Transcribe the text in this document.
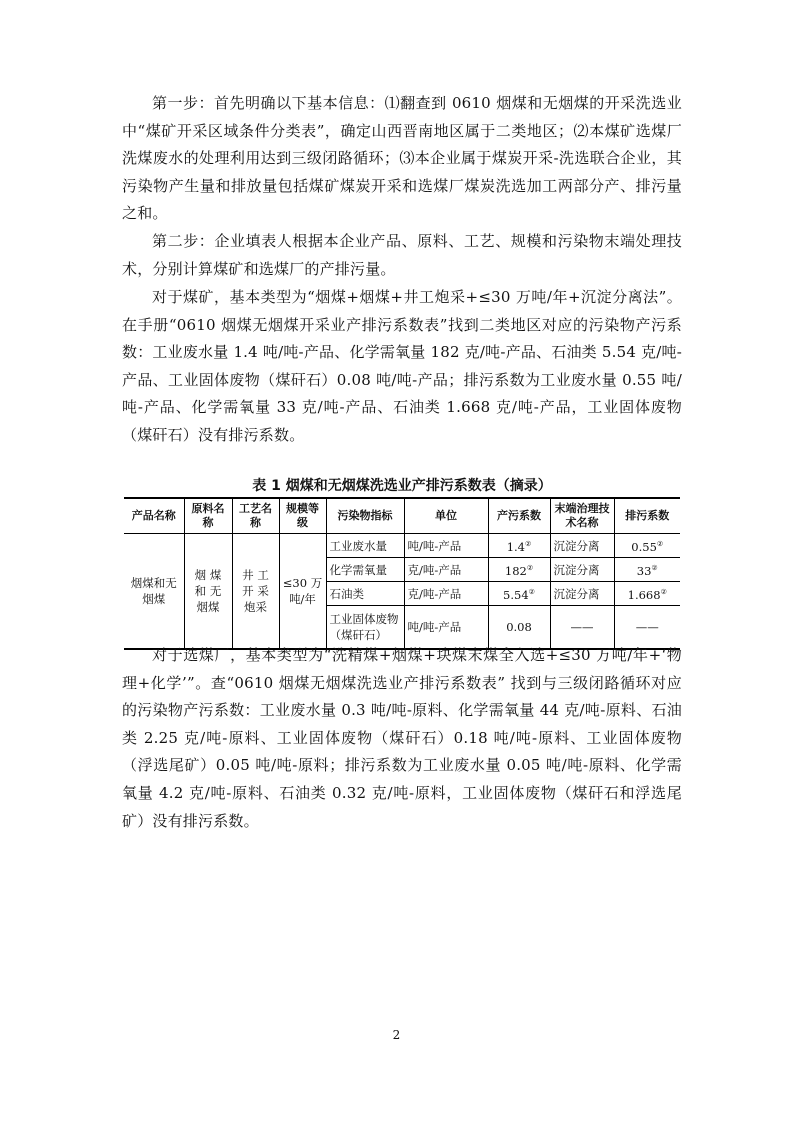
第一步：首先明确以下基本信息：⑴翻查到 0610 烟煤和无烟煤的开采洗选业中“煤矿开采区域条件分类表”，确定山西晋南地区属于二类地区；⑵本煤矿选煤厂洗煤废水的处理利用达到三级闭路循环；⑶本企业属于煤炭开采-洗选联合企业，其污染物产生量和排放量包括煤矿煤炭开采和选煤厂煤炭洗选加工两部分产、排污量之和。

第二步：企业填表人根据本企业产品、原料、工艺、规模和污染物末端处理技术，分别计算煤矿和选煤厂的产排污量。

对于煤矿，基本类型为“烟煤+烟煤+井工炮采+≤30 万吨/年+沉淀分离法”。在手册“0610 烟煤无烟煤开采业产排污系数表”找到二类地区对应的污染物产污系数：工业废水量 1.4 吨/吨-产品、化学需氧量 182 克/吨-产品、石油类 5.54 克/吨-产品、工业固体废物（煤矸石）0.08 吨/吨-产品；排污系数为工业废水量 0.55 吨/吨-产品、化学需氧量 33 克/吨-产品、石油类 1.668 克/吨-产品，工业固体废物（煤矸石）没有排污系数。

表 1 烟煤和无烟煤洗选业产排污系数表（摘录）
产品名称	原料名称	工艺名称	规模等级	污染物指标	单位	产污系数	末端治理技术名称	排污系数
烟煤和无烟煤	烟 煤 和 无 烟煤	井 工 开 采 炮采	≤30 万吨/年	工业废水量	吨/吨-产品	1.4②	沉淀分离	0.55②
				化学需氧量	克/吨-产品	182②	沉淀分离	33②
				石油类	克/吨-产品	5.54②	沉淀分离	1.668②
				工业固体废物（煤矸石）	吨/吨-产品	0.08	——	——

对于选煤厂，基本类型为“洗精煤+烟煤+块煤末煤全入选+≤30 万吨/年+‘物理+化学’”。查“0610 烟煤无烟煤洗选业产排污系数表” 找到与三级闭路循环对应的污染物产污系数：工业废水量 0.3 吨/吨-原料、化学需氧量 44 克/吨-原料、石油类 2.25 克/吨-原料、工业固体废物（煤矸石）0.18 吨/吨-原料、工业固体废物（浮选尾矿）0.05 吨/吨-原料；排污系数为工业废水量 0.05 吨/吨-原料、化学需氧量 4.2 克/吨-原料、石油类 0.32 克/吨-原料，工业固体废物（煤矸石和浮选尾矿）没有排污系数。

2
